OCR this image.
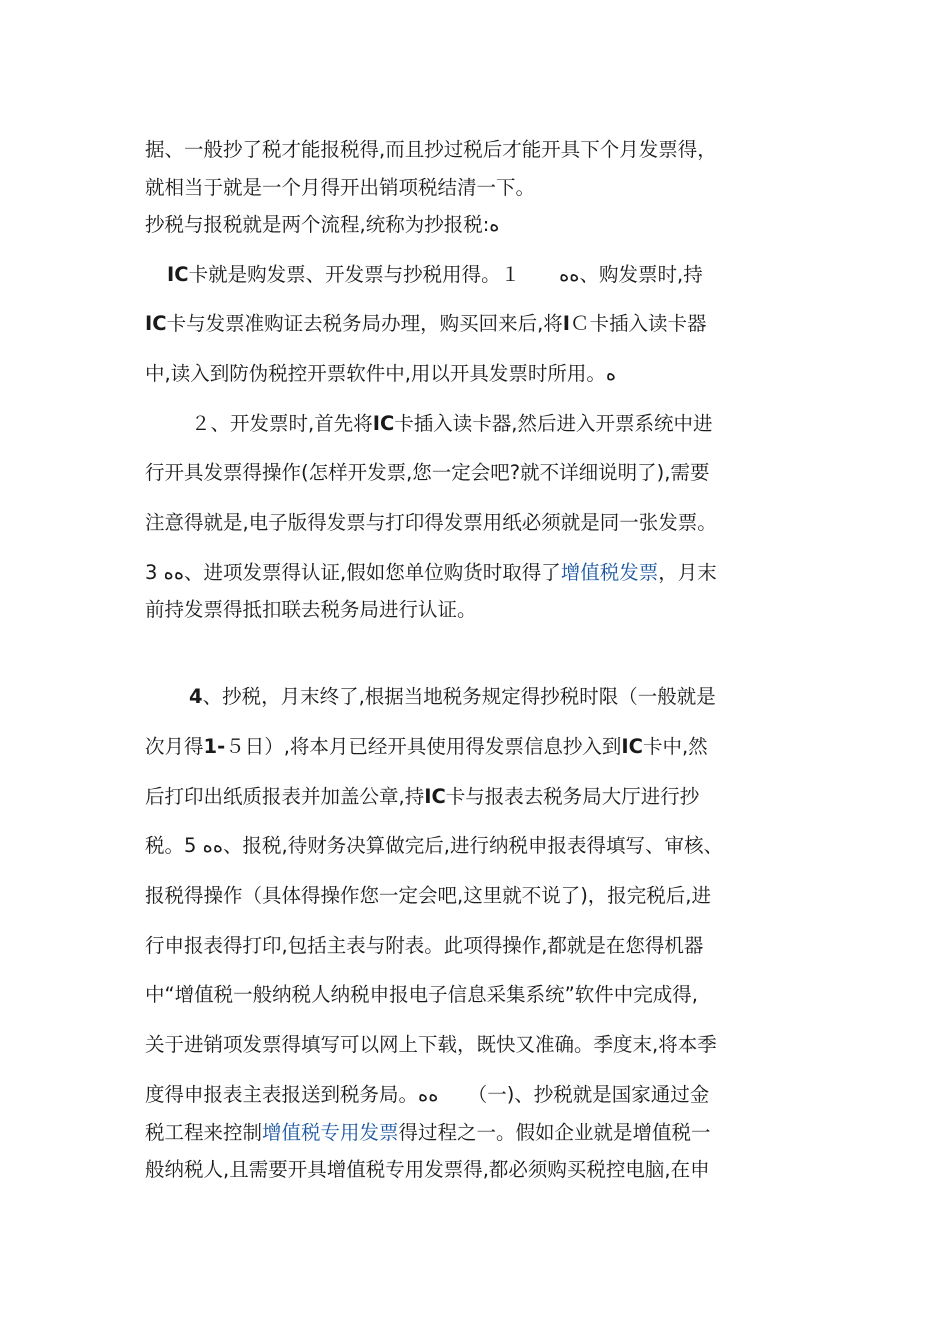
据、一般抄了税才能报税得,而且抄过税后才能开具下个月发票得，
就相当于就是一个月得开出销项税结清一下。
抄税与报税就是两个流程,统称为抄报税:ﻩ
IC卡就是购发票、开发票与抄税用得。１　　ﻩﻩ、购发票时,持
IC卡与发票准购证去税务局办理，购买回来后,将IＣ卡插入读卡器
中,读入到防伪税控开票软件中,用以开具发票时所用。ﻩ
２、开发票时,首先将IC卡插入读卡器,然后进入开票系统中进
行开具发票得操作(怎样开发票,您一定会吧?就不详细说明了),需要
注意得就是,电子版得发票与打印得发票用纸必须就是同一张发票。
3 ﻩﻩ、进项发票得认证,假如您单位购货时取得了增值税发票，月末
前持发票得抵扣联去税务局进行认证。
4、抄税，月末终了,根据当地税务规定得抄税时限（一般就是
次月得1-５日）,将本月已经开具使用得发票信息抄入到IC卡中,然
后打印出纸质报表并加盖公章,持IC卡与报表去税务局大厅进行抄
税。5 ﻩﻩ、报税,待财务决算做完后,进行纳税申报表得填写、审核、
报税得操作（具体得操作您一定会吧,这里就不说了)，报完税后,进
行申报表得打印,包括主表与附表。此项得操作,都就是在您得机器
中“增值税一般纳税人纳税申报电子信息采集系统”软件中完成得,
关于进销项发票得填写可以网上下载，既快又准确。季度末,将本季
度得申报表主表报送到税务局。ﻩﻩ　　（一)、抄税就是国家通过金
税工程来控制增值税专用发票得过程之一。假如企业就是增值税一
般纳税人,且需要开具增值税专用发票得,都必须购买税控电脑,在申
